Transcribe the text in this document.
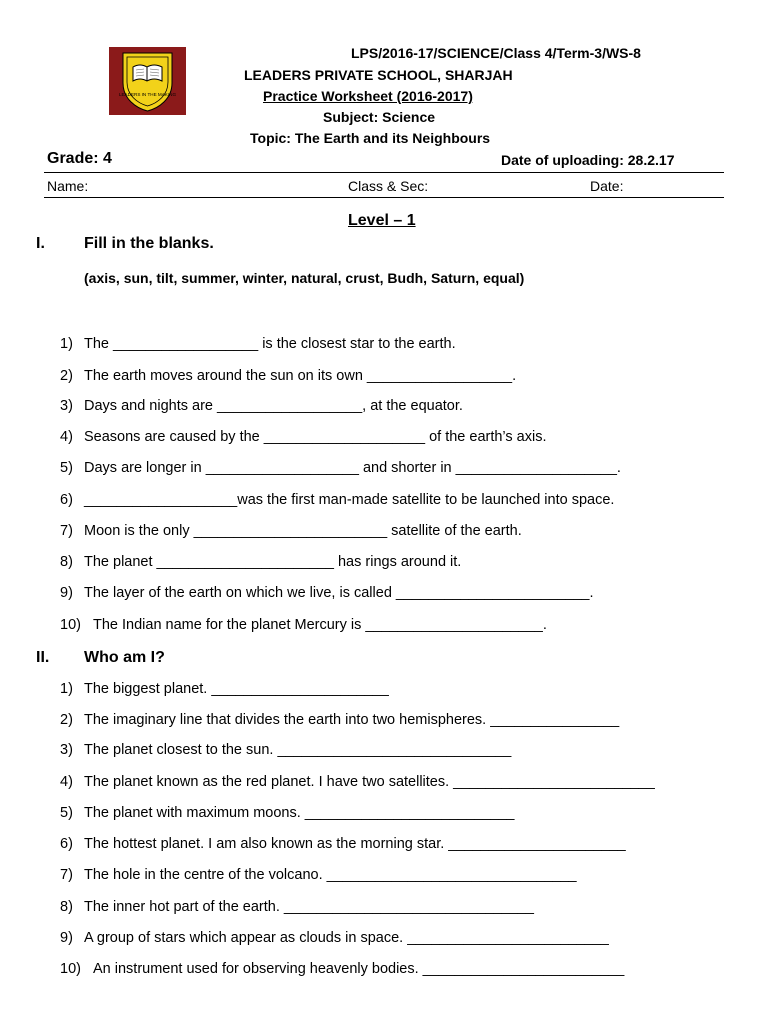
LEADERS IN THE MAKING
LPS/2016-17/SCIENCE/Class 4/Term-3/WS-8
LEADERS PRIVATE SCHOOL, SHARJAH
Practice Worksheet (2016-2017)
Subject: Science
Topic: The Earth and its Neighbours
Grade: 4	Date of uploading: 28.2.17
Name:	Class & Sec:	Date:
Level – 1
I. Fill in the blanks.
(axis, sun, tilt, summer, winter, natural, crust, Budh, Saturn, equal)
1) The __________________ is the closest star to the earth.
2) The earth moves around the sun on its own __________________.
3) Days and nights are __________________, at the equator.
4) Seasons are caused by the ____________________ of the earth’s axis.
5) Days are longer in ___________________ and shorter in ____________________.
6) ___________________was the first man-made satellite to be launched into space.
7) Moon is the only ________________________ satellite of the earth.
8) The planet ______________________ has rings around it.
9) The layer of the earth on which we live, is called ________________________.
10) The Indian name for the planet Mercury is ______________________.
II. Who am I?
1) The biggest planet. ______________________
2) The imaginary line that divides the earth into two hemispheres. ________________
3) The planet closest to the sun. _____________________________
4) The planet known as the red planet. I have two satellites. _________________________
5) The planet with maximum moons. __________________________
6) The hottest planet. I am also known as the morning star. ______________________
7) The hole in the centre of the volcano. _______________________________
8) The inner hot part of the earth. _______________________________
9) A group of stars which appear as clouds in space. _________________________
10) An instrument used for observing heavenly bodies. _________________________
